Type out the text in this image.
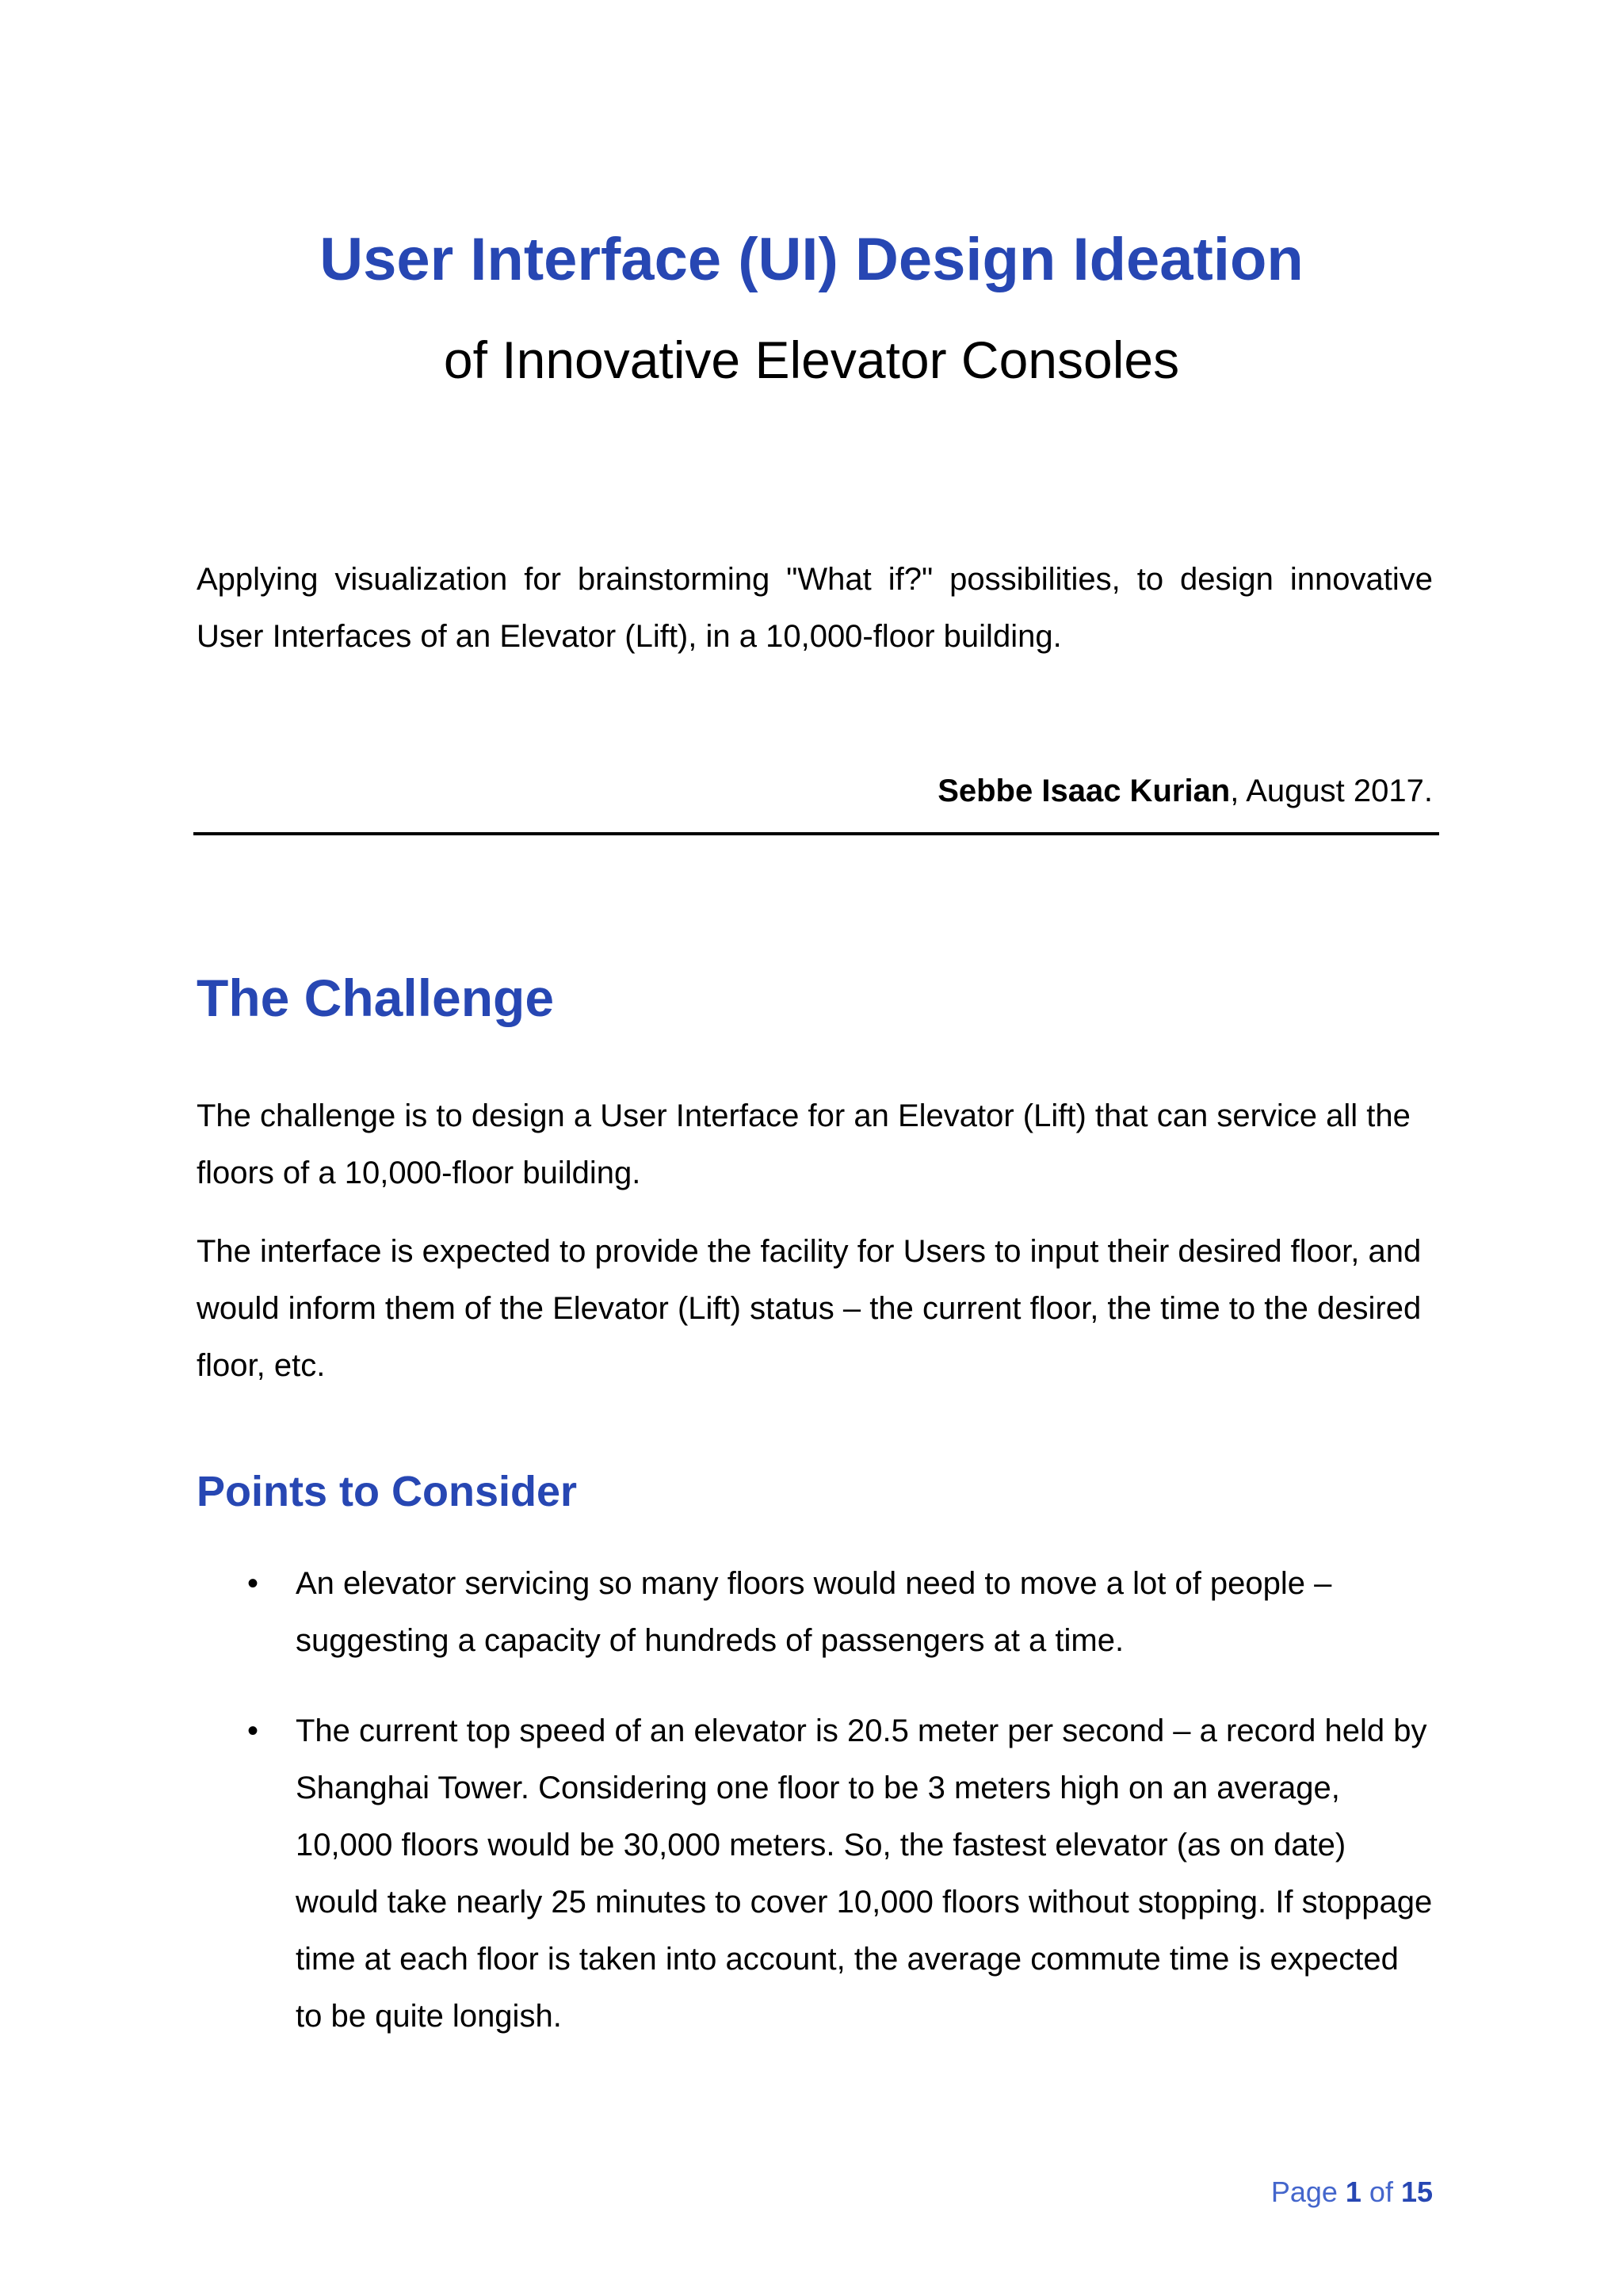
User Interface (UI) Design Ideation
of Innovative Elevator Consoles

Applying visualization for brainstorming "What if?" possibilities, to design innovative User Interfaces of an Elevator (Lift), in a 10,000-floor building.

Sebbe Isaac Kurian, August 2017.
The Challenge

The challenge is to design a User Interface for an Elevator (Lift) that can service all the floors of a 10,000-floor building.

The interface is expected to provide the facility for Users to input their desired floor, and would inform them of the Elevator (Lift) status – the current floor, the time to the desired floor, etc.

Points to Consider
• An elevator servicing so many floors would need to move a lot of people – suggesting a capacity of hundreds of passengers at a time.
• The current top speed of an elevator is 20.5 meter per second – a record held by Shanghai Tower. Considering one floor to be 3 meters high on an average, 10,000 floors would be 30,000 meters. So, the fastest elevator (as on date) would take nearly 25 minutes to cover 10,000 floors without stopping. If stoppage time at each floor is taken into account, the average commute time is expected to be quite longish.
Page 1 of 15
